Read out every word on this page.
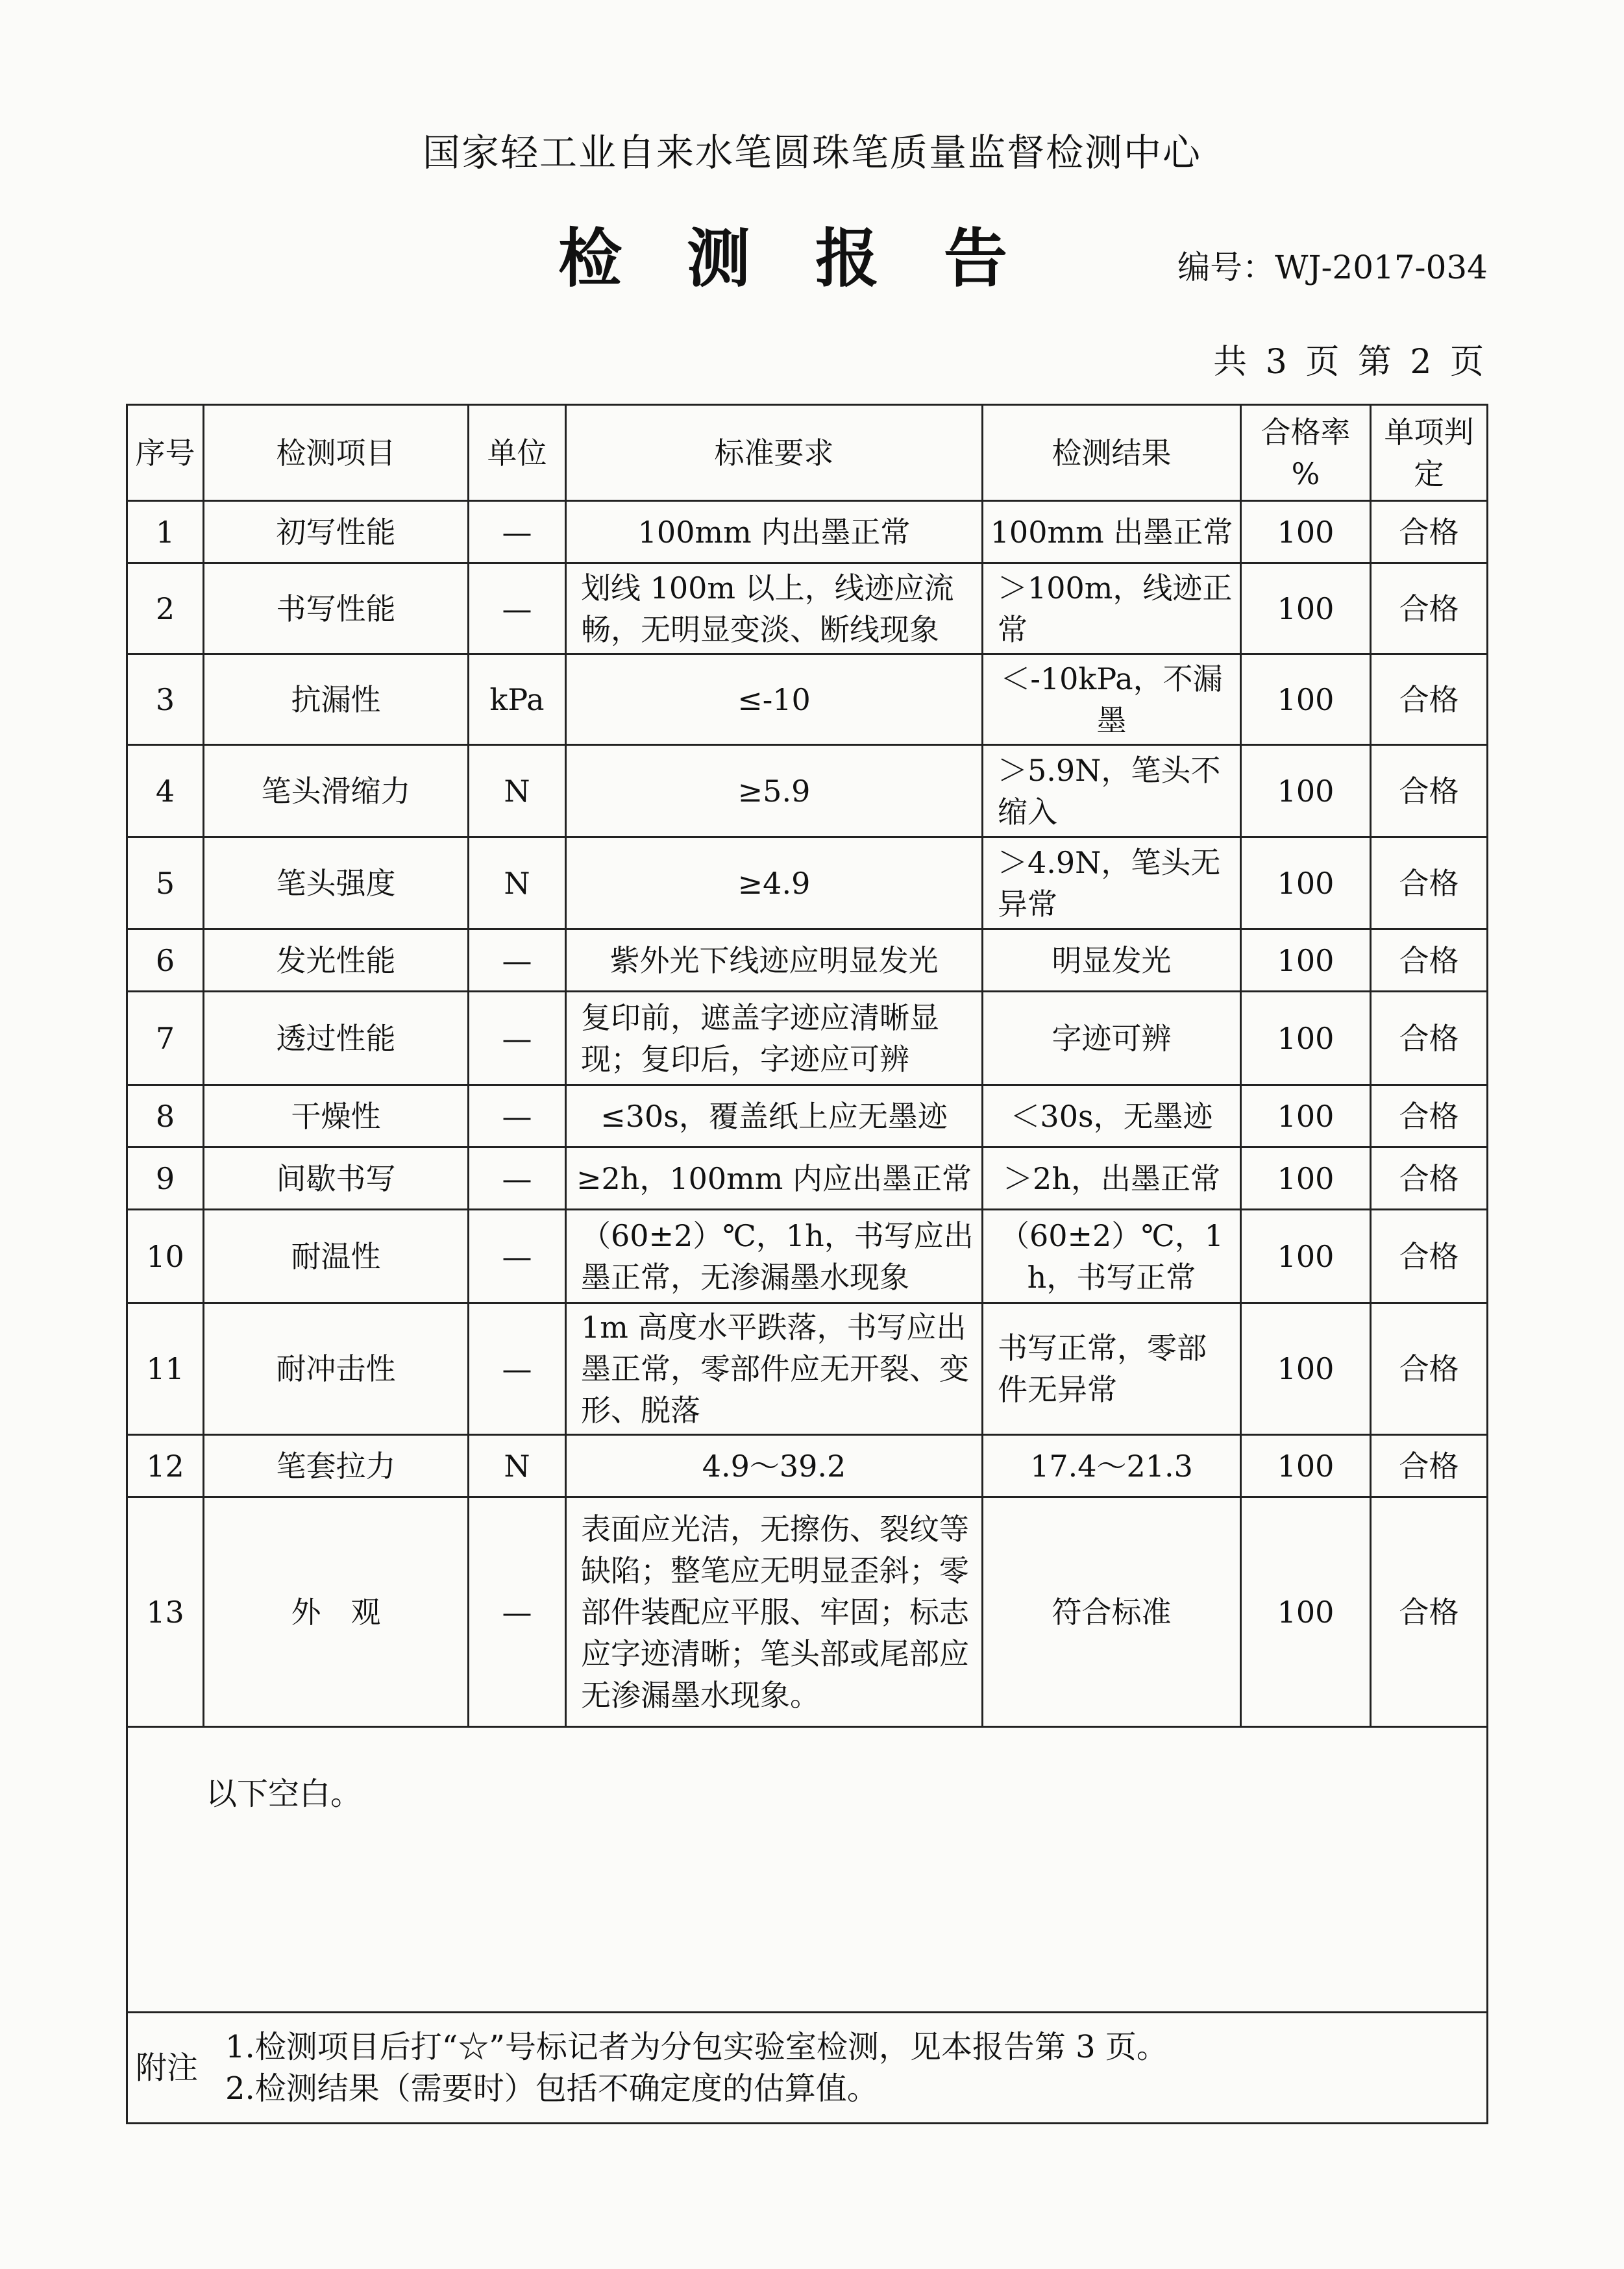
国家轻工业自来水笔圆珠笔质量监督检测中心
检测报告	编号：WJ-2017-034
共 3 页 第 2 页
序号	检测项目	单位	标准要求	检测结果	合格率 %	单项判定
1	初写性能	—	100mm 内出墨正常	100mm 出墨正常	100	合格
2	书写性能	—	划线 100m 以上，线迹应流畅，无明显变淡、断线现象	＞100m，线迹正常	100	合格
3	抗漏性	kPa	≤-10	＜-10kPa，不漏墨	100	合格
4	笔头滑缩力	N	≥5.9	＞5.9N，笔头不缩入	100	合格
5	笔头强度	N	≥4.9	＞4.9N，笔头无异常	100	合格
6	发光性能	—	紫外光下线迹应明显发光	明显发光	100	合格
7	透过性能	—	复印前，遮盖字迹应清晰显现；复印后，字迹应可辨	字迹可辨	100	合格
8	干燥性	—	≤30s，覆盖纸上应无墨迹	＜30s，无墨迹	100	合格
9	间歇书写	—	≥2h，100mm 内应出墨正常	＞2h，出墨正常	100	合格
10	耐温性	—	（60±2）℃，1h，书写应出墨正常，无渗漏墨水现象	（60±2）℃，1h，书写正常	100	合格
11	耐冲击性	—	1m 高度水平跌落，书写应出墨正常，零部件应无开裂、变形、脱落	书写正常，零部件无异常	100	合格
12	笔套拉力	N	4.9～39.2	17.4～21.3	100	合格
13	外　观	—	表面应光洁，无擦伤、裂纹等缺陷；整笔应无明显歪斜；零部件装配应平服、牢固；标志应字迹清晰；笔头部或尾部应无渗漏墨水现象。	符合标准	100	合格

以下空白。

附注	
1.检测项目后打“☆”号标记者为分包实验室检测，见本报告第 3 页。
2.检测结果（需要时）包括不确定度的估算值。
